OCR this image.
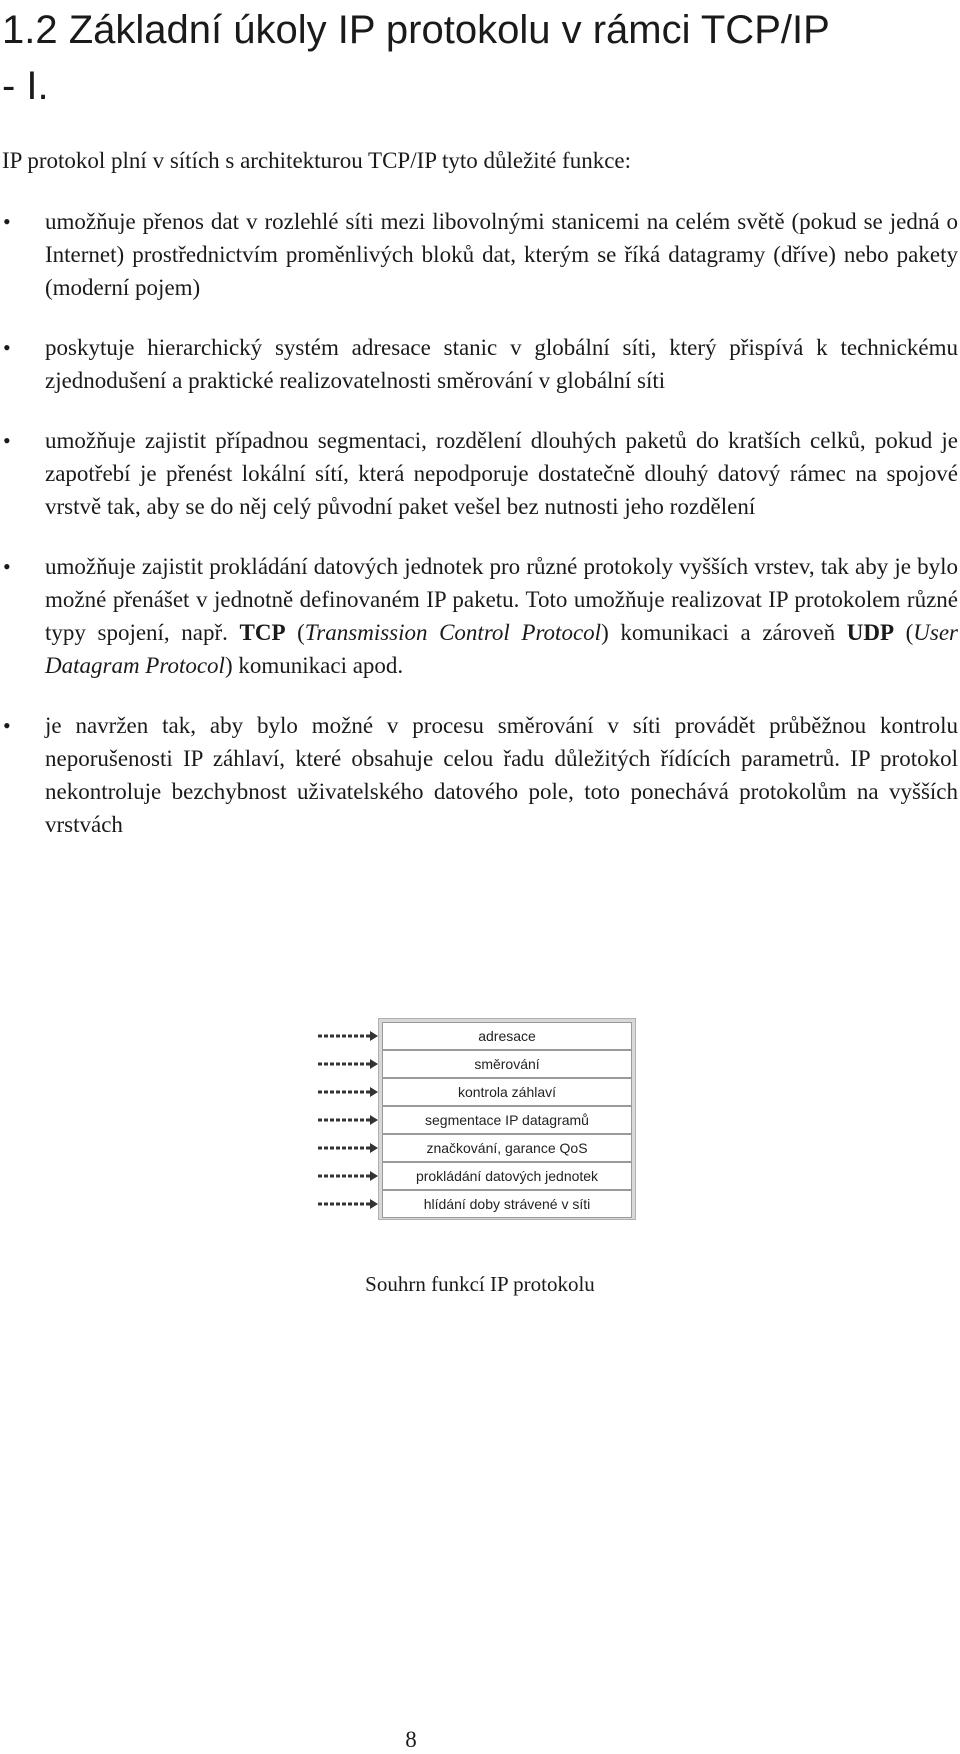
1.2 Základní úkoly IP protokolu v rámci TCP/IP
- I.

IP protokol plní v sítích s architekturou TCP/IP tyto důležité funkce:

• umožňuje přenos dat v rozlehlé síti mezi libovolnými stanicemi na celém světě (pokud se jedná o Internet) prostřednictvím proměnlivých bloků dat, kterým se říká datagramy (dříve) nebo pakety (moderní pojem)
• poskytuje hierarchický systém adresace stanic v globální síti, který přispívá k technickému zjednodušení a praktické realizovatelnosti směrování v globální síti
• umožňuje zajistit případnou segmentaci, rozdělení dlouhých paketů do kratších celků, pokud je zapotřebí je přenést lokální sítí, která nepodporuje dostatečně dlouhý datový rámec na spojové vrstvě tak, aby se do něj celý původní paket vešel bez nutnosti jeho rozdělení
• umožňuje zajistit prokládání datových jednotek pro různé protokoly vyšších vrstev, tak aby je bylo možné přenášet v jednotně definovaném IP paketu. Toto umožňuje realizovat IP protokolem různé typy spojení, např. TCP (Transmission Control Protocol) komunikaci a zároveň UDP (User Datagram Protocol) komunikaci apod.
• je navržen tak, aby bylo možné v procesu směrování v síti provádět průběžnou kontrolu neporušenosti IP záhlaví, které obsahuje celou řadu důležitých řídících parametrů. IP protokol nekontroluje bezchybnost uživatelského datového pole, toto ponechává protokolům na vyšších vrstvách
adresace
směrování
kontrola záhlaví
segmentace IP datagramů
značkování, garance QoS
prokládání datových jednotek
hlídání doby strávené v síti
Souhrn funkcí IP protokolu
8
